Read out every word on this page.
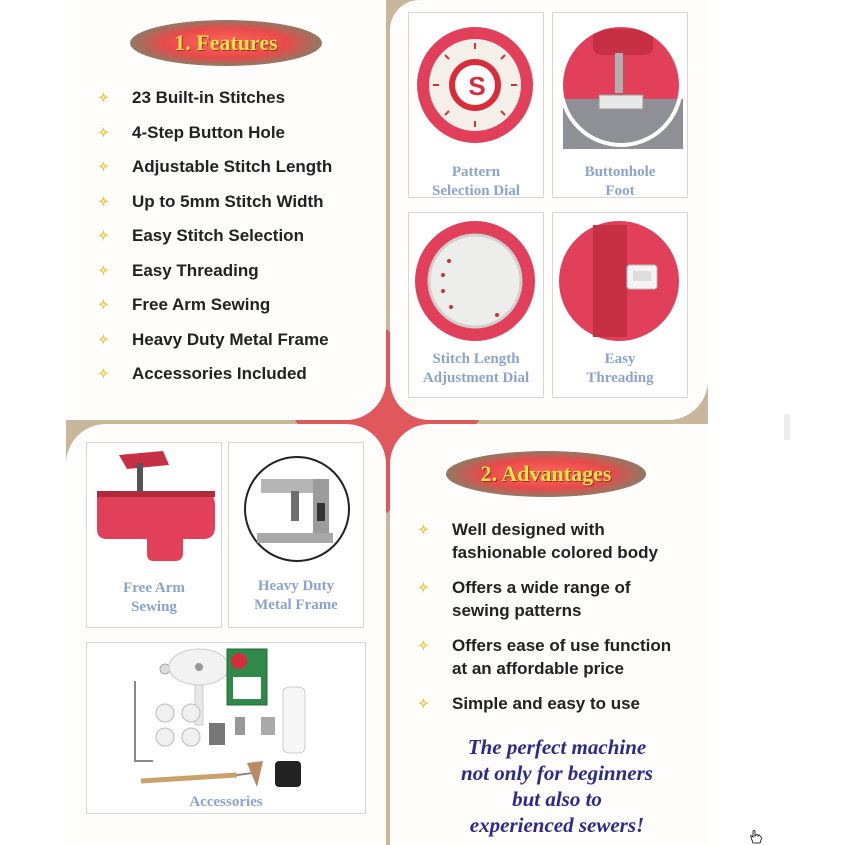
1. Features
✧	23 Built-in Stitches
✧	4-Step Button Hole
✧	Adjustable Stitch Length
✧	Up to 5mm Stitch Width
✧	Easy Stitch Selection
✧	Easy Threading
✧	Free Arm Sewing
✧	Heavy Duty Metal Frame
✧	Accessories Included
S
Pattern
Selection Dial
Buttonhole
Foot
Stitch Length
Adjustment Dial
Easy
Threading
Free Arm
Sewing
Heavy Duty
Metal Frame
Accessories
2. Advantages
✧	Well designed with
fashionable colored body
✧	Offers a wide range of
sewing patterns
✧	Offers ease of use function
at an affordable price
✧	Simple and easy to use
The perfect machine
not only for beginners
but also to
experienced sewers!
